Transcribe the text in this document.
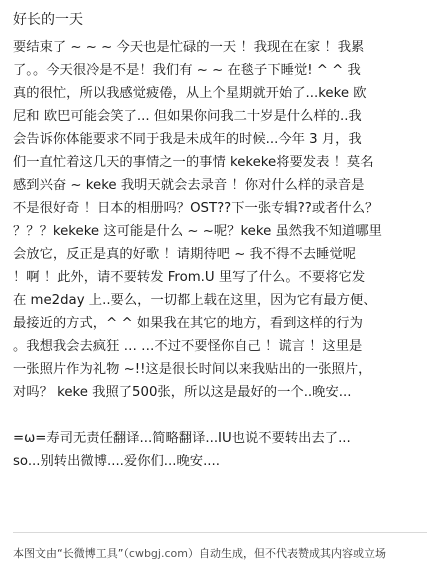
好长的一天
要结束了 ~ ~ ~ 今天也是忙碌的一天 ！我现在在家 ！我累
了。。今天很冷是不是！我们有 ~ ~ 在毯子下睡觉! ^ ^ 我
真的很忙，所以我感觉疲倦，从上个星期就开始了...keke 欧
尼和 欧巴可能会笑了... 但如果你问我二十岁是什么样的..我
会告诉你体能要求不同于我是未成年的时候...今年 3 月，我
们一直忙着这几天的事情之一的事情 kekeke将要发表 ！莫名
感到兴奋 ~ keke 我明天就会去录音 ！你对什么样的录音是
不是很好奇 ！日本的相册吗？OST??下一张专辑??或者什么？
？？？kekeke 这可能是什么 ~ ~呢？keke 虽然我不知道哪里
会放它，反正是真的好歌 ！请期待吧 ~ 我不得不去睡觉呢
！啊 ！此外，请不要转发 From.U 里写了什么。不要将它发
在 me2day 上..要么，一切都上载在这里，因为它有最方便、
最接近的方式，^ ^ 如果我在其它的地方，看到这样的行为
。我想我会去疯狂 … …不过不要怪你自己 ！谎言 ！这里是
一张照片作为礼物 ~!!这是很长时间以来我贴出的一张照片，
对吗？ keke 我照了500张，所以这是最好的一个..晚安...
=ω=寿司无责任翻译...简略翻译...IU也说不要转出去了...
so...别转出微博....爱你们...晚安....
本图文由“长微博工具”（cwbgj.com）自动生成，但不代表赞成其内容或立场
